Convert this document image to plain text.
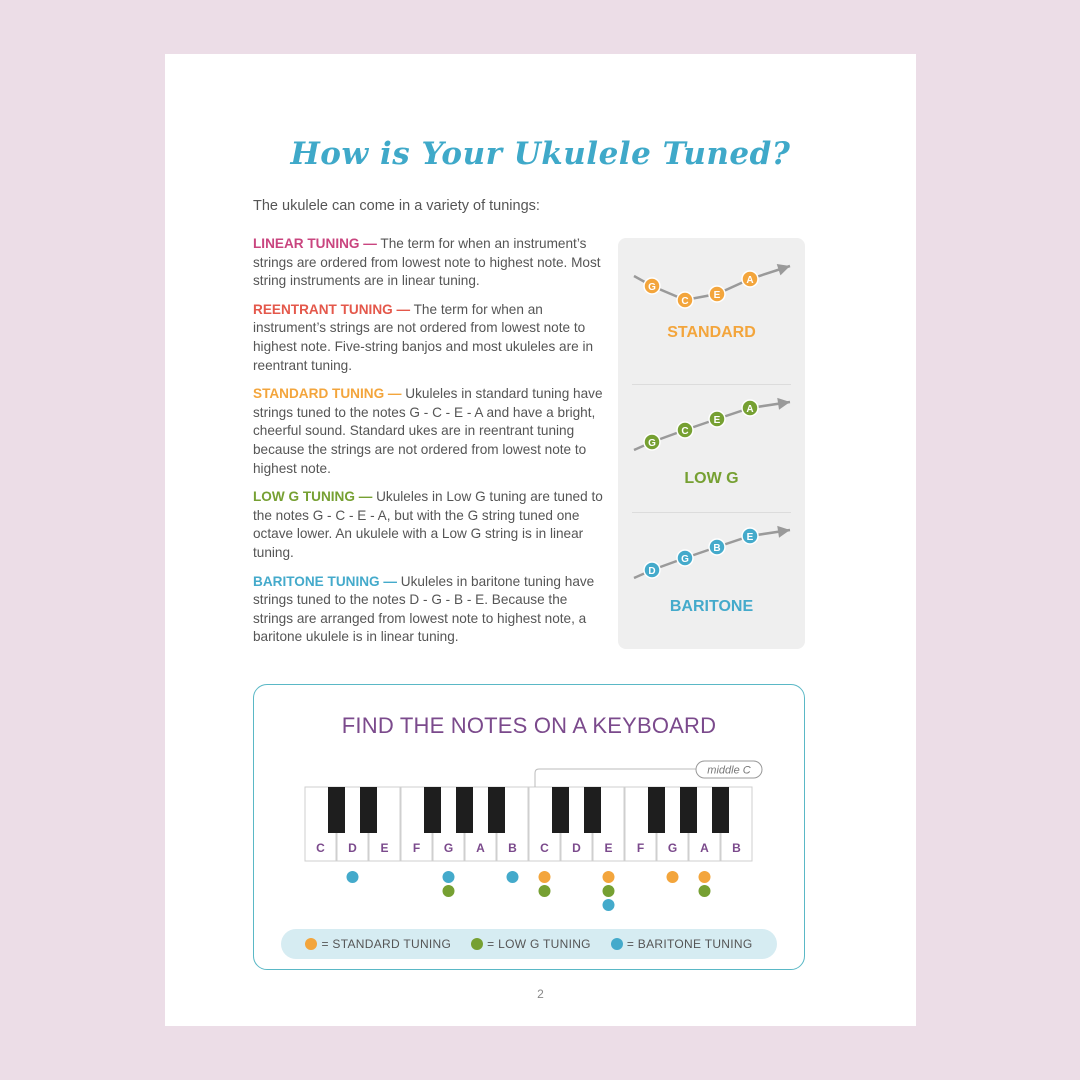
How is Your Ukulele Tuned?
The ukulele can come in a variety of tunings:

LINEAR TUNING — The term for when an instrument’s strings are ordered from lowest note to highest note. Most string instruments are in linear tuning.

REENTRANT TUNING — The term for when an instrument’s strings are not ordered from lowest note to highest note. Five-string banjos and most ukuleles are in reentrant tuning.

STANDARD TUNING — Ukuleles in standard tuning have strings tuned to the notes G - C - E - A and have a bright, cheerful sound. Standard ukes are in reentrant tuning because the strings are not ordered from lowest note to highest note.

LOW G TUNING — Ukuleles in Low G tuning are tuned to the notes G - C - E - A, but with the G string tuned one octave lower. An ukulele with a Low G string is in linear tuning.

BARITONE TUNING — Ukuleles in baritone tuning have strings tuned to the notes D - G - B - E. Because the strings are arranged from lowest note to highest note, a baritone ukulele is in linear tuning.

G
C
E
A
STANDARD
G
C
E
A
LOW G
D
G
B
E
BARITONE
FIND THE NOTES ON A KEYBOARD
C D E F G A B C D E F G A B
middle C
= STANDARD TUNING	= LOW G TUNING	= BARITONE TUNING
2
